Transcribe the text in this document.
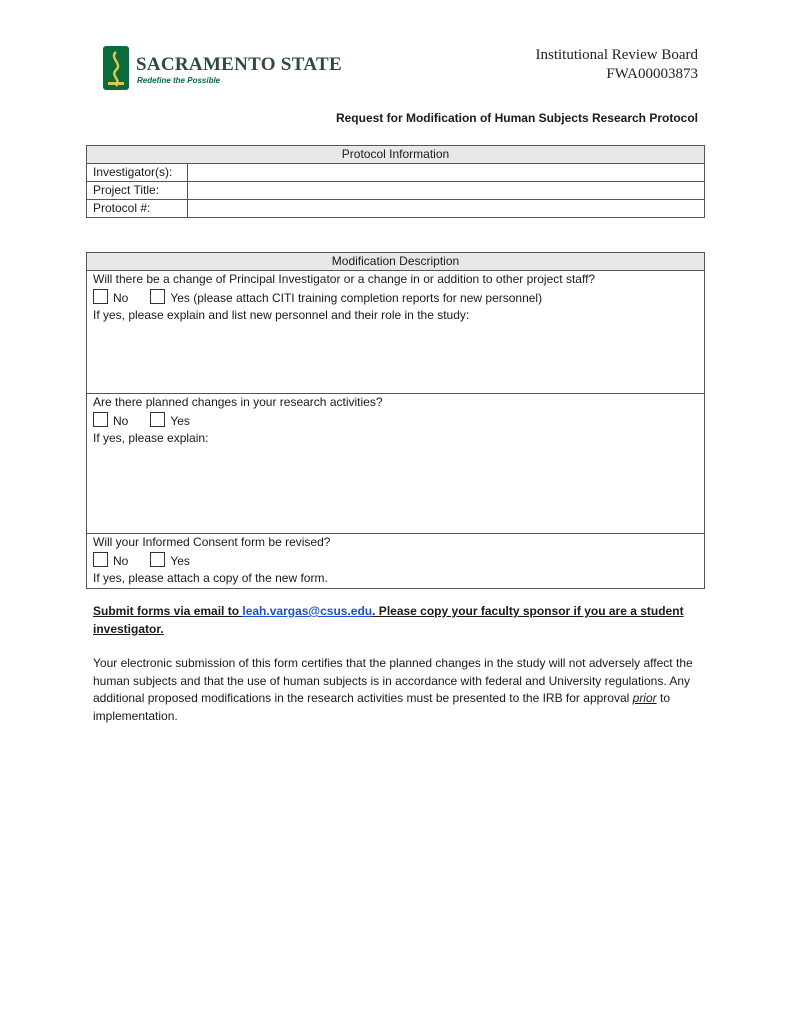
SACRAMENTO STATE
Redefine the Possible
Institutional Review Board
FWA00003873
Request for Modification of Human Subjects Research Protocol
Protocol Information	
Investigator(s):	
Project Title:	
Protocol #:	
Modification Description

Will there be a change of Principal Investigator or a change in or addition to other project staff?
No	Yes (please attach CITI training completion reports for new personnel)
If yes, please explain and list new personnel and their role in the study:

Are there planned changes in your research activities?
No	Yes
If yes, please explain:

Will your Informed Consent form be revised?
No	Yes
If yes, please attach a copy of the new form.
Submit forms via email to leah.vargas@csus.edu. Please copy your faculty sponsor if you are a student investigator.
Your electronic submission of this form certifies that the planned changes in the study will not adversely affect the human subjects and that the use of human subjects is in accordance with federal and University regulations. Any additional proposed modifications in the research activities must be presented to the IRB for approval prior to implementation.
